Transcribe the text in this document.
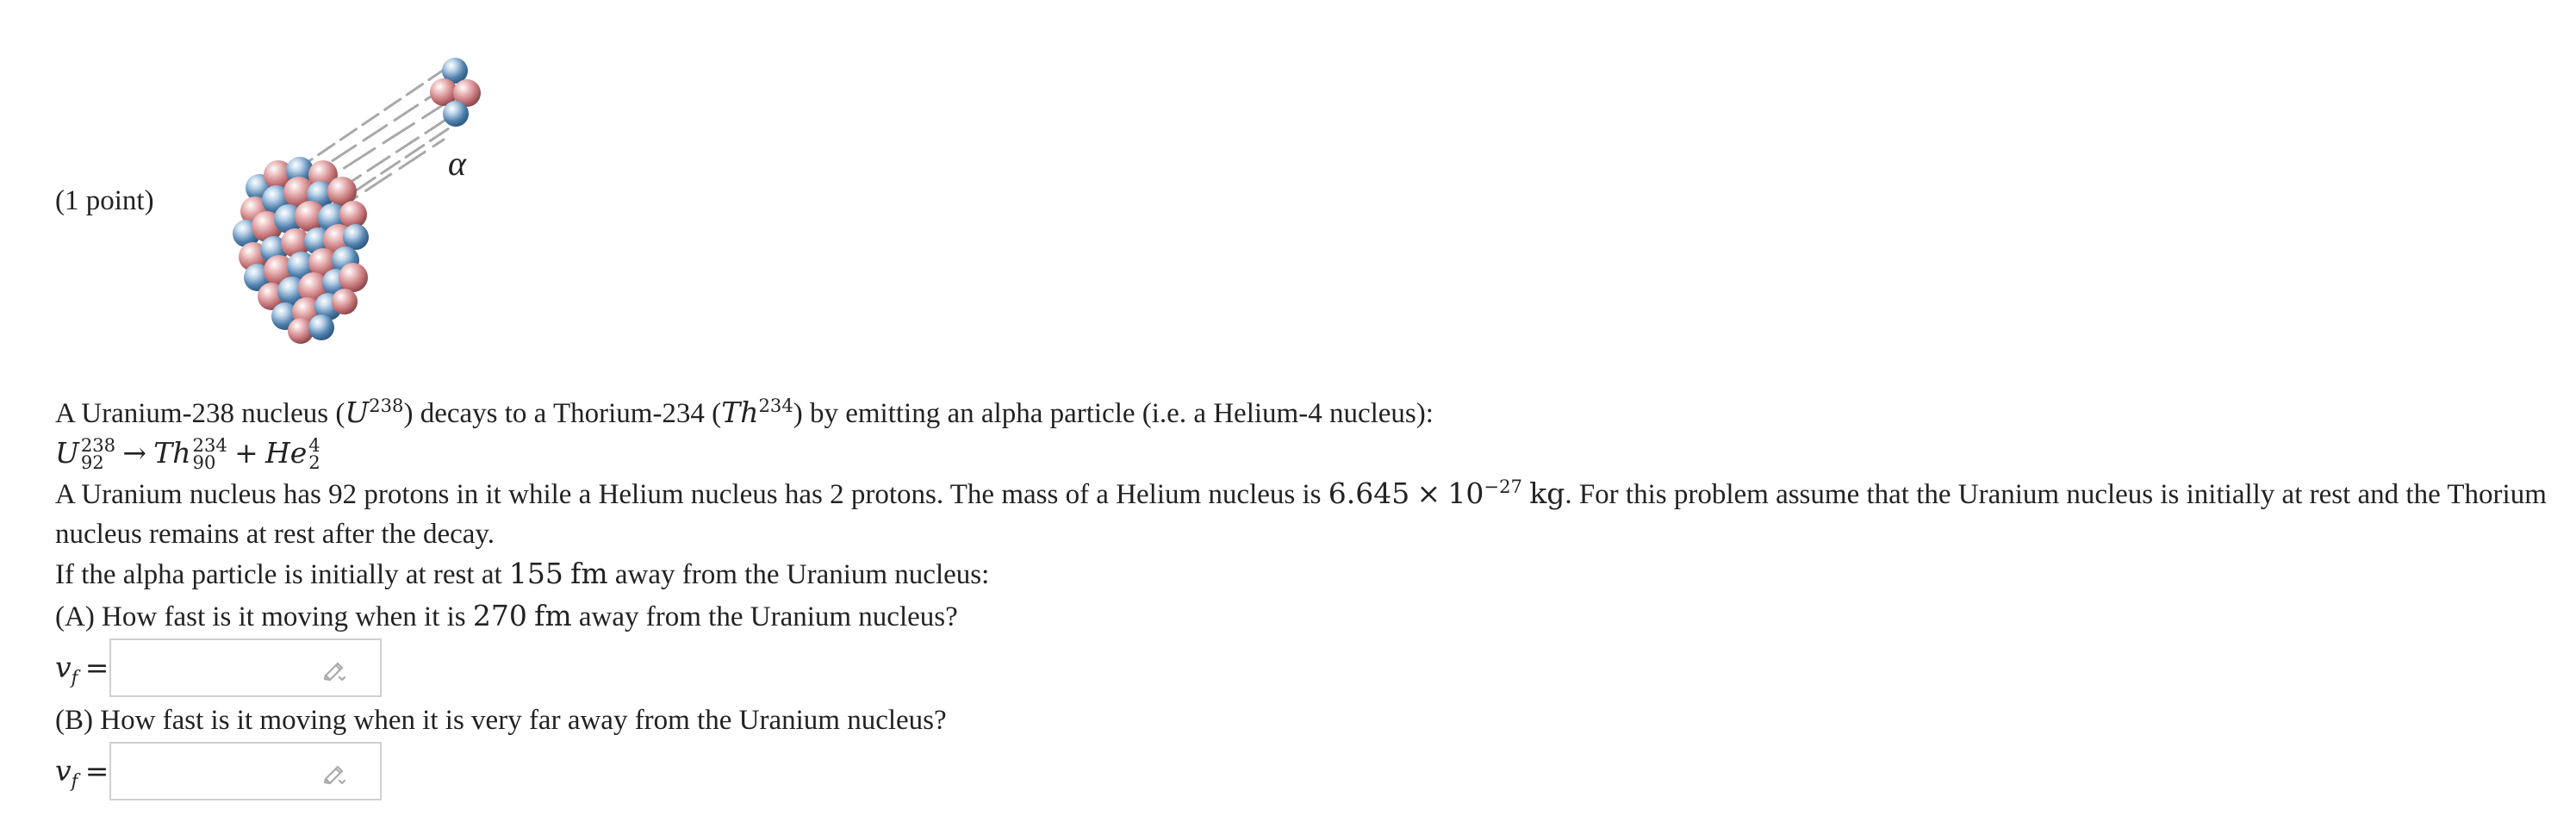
(1 point)
α
A Uranium-238 nucleus $(U^{238})$ decays to a Thorium-234 (Th$^{234}$) by emitting an alpha particle (i.e. a Helium-4 nucleus):
U 238
92 → Th 234
90 + He 4
2
A Uranium nucleus has 92 protons in it while a Helium nucleus has 2 protons. The mass of a Helium nucleus is $6.645 \times 10^{-27}$ kg. For this problem assume that the Uranium nucleus is initially at rest and the Thorium nucleus remains at rest after the decay.
If the alpha particle is initially at rest at 155 fm away from the Uranium nucleus:
(A) How fast is it moving when it is 270 fm away from the Uranium nucleus?
$v_f$ =
(B) How fast is it moving when it is very far away from the Uranium nucleus?
$v_f$ =
